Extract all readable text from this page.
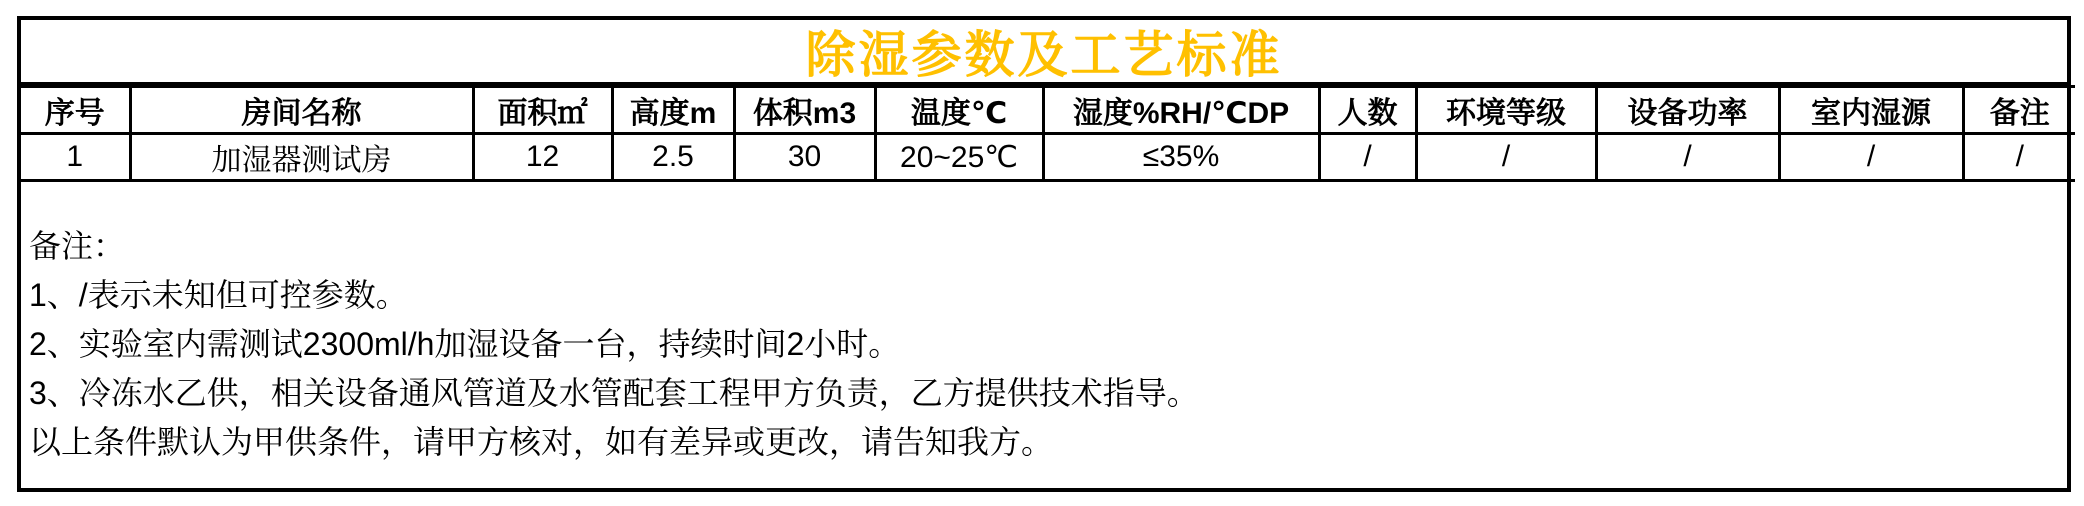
除湿参数及工艺标准
序号	房间名称	面积㎡	高度m	体积m3	温度℃	湿度%RH/℃DP	人数	环境等级	设备功率	室内湿源	备注
1	加湿器测试房	12	2.5	30	20~25℃	≤35%	/	/	/	/	/
备注：
1、/表示未知但可控参数。
2、实验室内需测试2300ml/h加湿设备一台，持续时间2小时。
3、冷冻水乙供，相关设备通风管道及水管配套工程甲方负责，乙方提供技术指导。
以上条件默认为甲供条件，请甲方核对，如有差异或更改，请告知我方。
